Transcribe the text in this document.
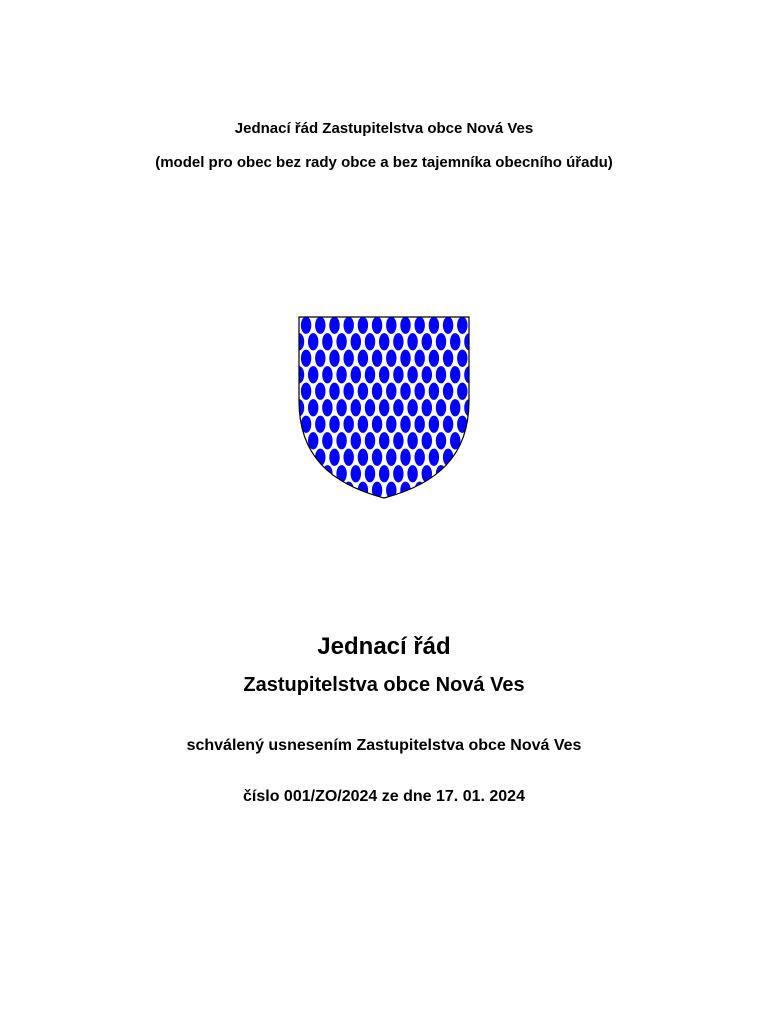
Jednací řád Zastupitelstva obce Nová Ves
(model pro obec bez rady obce a bez tajemníka obecního úřadu)
Jednací řád
Zastupitelstva obce Nová Ves
schválený usnesením Zastupitelstva obce Nová Ves
číslo 001/ZO/2024 ze dne 17. 01. 2024
